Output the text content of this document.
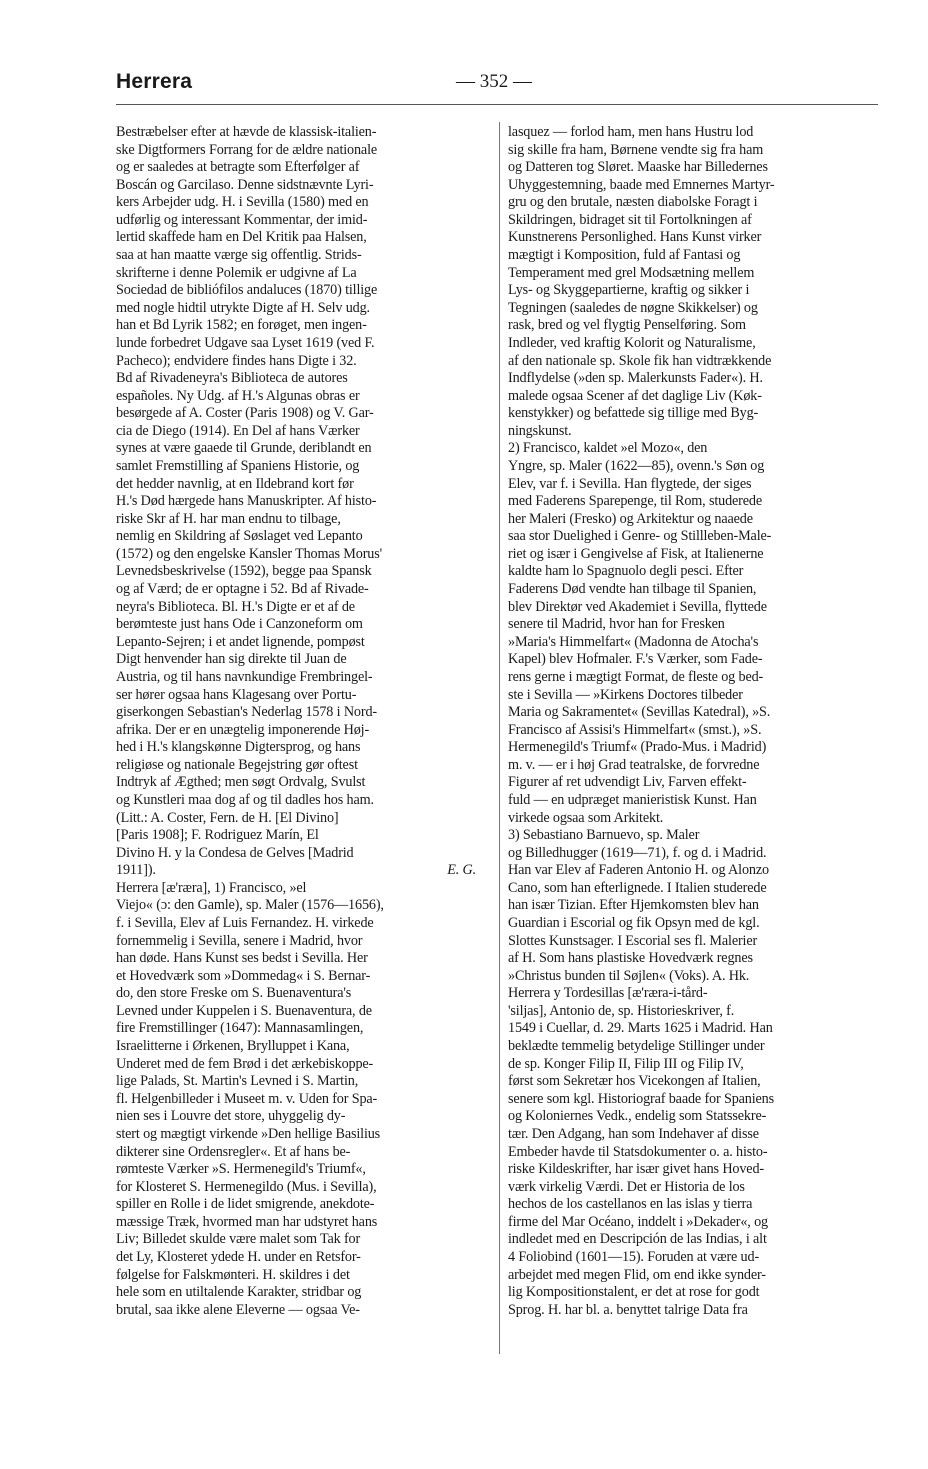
Herrera	— 352 —
Bestræbelser efter at hævde de klassisk-italien-
ske Digtformers Forrang for de ældre nationale
og er saaledes at betragte som Efterfølger af
Boscán og Garcilaso. Denne sidstnævnte Lyri-
kers Arbejder udg. H. i Sevilla (1580) med en
udførlig og interessant Kommentar, der imid-
lertid skaffede ham en Del Kritik paa Halsen,
saa at han maatte værge sig offentlig. Strids-
skrifterne i denne Polemik er udgivne af La
Sociedad de bibliófilos andaluces (1870) tillige
med nogle hidtil utrykte Digte af H. Selv udg.
han et Bd Lyrik 1582; en forøget, men ingen-
lunde forbedret Udgave saa Lyset 1619 (ved F.
Pacheco); endvidere findes hans Digte i 32.
Bd af Rivadeneyra's Biblioteca de autores
españoles. Ny Udg. af H.'s Algunas obras er
besørgede af A. Coster (Paris 1908) og V. Gar-
cia de Diego (1914). En Del af hans Værker
synes at være gaaede til Grunde, deriblandt en
samlet Fremstilling af Spaniens Historie, og
det hedder navnlig, at en Ildebrand kort før
H.'s Død hærgede hans Manuskripter. Af histo-
riske Skr af H. har man endnu to tilbage,
nemlig en Skildring af Søslaget ved Lepanto
(1572) og den engelske Kansler Thomas Morus'
Levnedsbeskrivelse (1592), begge paa Spansk
og af Værd; de er optagne i 52. Bd af Rivade-
neyra's Biblioteca. Bl. H.'s Digte er et af de
berømteste just hans Ode i Canzoneform om
Lepanto-Sejren; i et andet lignende, pompøst
Digt henvender han sig direkte til Juan de
Austria, og til hans navnkundige Frembringel-
ser hører ogsaa hans Klagesang over Portu-
giserkongen Sebastian's Nederlag 1578 i Nord-
afrika. Der er en unægtelig imponerende Høj-
hed i H.'s klangskønne Digtersprog, og hans
religiøse og nationale Begejstring gør oftest
Indtryk af Ægthed; men søgt Ordvalg, Svulst
og Kunstleri maa dog af og til dadles hos ham.
(Litt.: A. Coster, Fern. de H. [El Divino]
[Paris 1908]; F. Rodriguez Marín, El
Divino H. y la Condesa de Gelves [Madrid
1911]).	E. G.
Herrera [æ'ræra], 1) Francisco, »el
Viejo« (ɔ: den Gamle), sp. Maler (1576—1656),
f. i Sevilla, Elev af Luis Fernandez. H. virkede
fornemmelig i Sevilla, senere i Madrid, hvor
han døde. Hans Kunst ses bedst i Sevilla. Her
et Hovedværk som »Dommedag« i S. Bernar-
do, den store Freske om S. Buenaventura's
Levned under Kuppelen i S. Buenaventura, de
fire Fremstillinger (1647): Mannasamlingen,
Israelitterne i Ørkenen, Brylluppet i Kana,
Underet med de fem Brød i det ærkebiskoppe-
lige Palads, St. Martin's Levned i S. Martin,
fl. Helgenbilleder i Museet m. v. Uden for Spa-
nien ses i Louvre det store, uhyggelig dy-
stert og mægtigt virkende »Den hellige Basilius
dikterer sine Ordensregler«. Et af hans be-
rømteste Værker »S. Hermenegild's Triumf«,
for Klosteret S. Hermenegildo (Mus. i Sevilla),
spiller en Rolle i de lidet smigrende, anekdote-
mæssige Træk, hvormed man har udstyret hans
Liv; Billedet skulde være malet som Tak for
det Ly, Klosteret ydede H. under en Retsfor-
følgelse for Falskmønteri. H. skildres i det
hele som en utiltalende Karakter, stridbar og
brutal, saa ikke alene Eleverne — ogsaa Ve-
lasquez — forlod ham, men hans Hustru lod
sig skille fra ham, Børnene vendte sig fra ham
og Datteren tog Sløret. Maaske har Billedernes
Uhyggestemning, baade med Emnernes Martyr-
gru og den brutale, næsten diabolske Foragt i
Skildringen, bidraget sit til Fortolkningen af
Kunstnerens Personlighed. Hans Kunst virker
mægtigt i Komposition, fuld af Fantasi og
Temperament med grel Modsætning mellem
Lys- og Skyggepartierne, kraftig og sikker i
Tegningen (saaledes de nøgne Skikkelser) og
rask, bred og vel flygtig Penselføring. Som
Indleder, ved kraftig Kolorit og Naturalisme,
af den nationale sp. Skole fik han vidtrækkende
Indflydelse (»den sp. Malerkunsts Fader«). H.
malede ogsaa Scener af det daglige Liv (Køk-
kenstykker) og befattede sig tillige med Byg-
ningskunst.
2) Francisco, kaldet »el Mozo«, den
Yngre, sp. Maler (1622—85), ovenn.'s Søn og
Elev, var f. i Sevilla. Han flygtede, der siges
med Faderens Sparepenge, til Rom, studerede
her Maleri (Fresko) og Arkitektur og naaede
saa stor Duelighed i Genre- og Stillleben-Male-
riet og især i Gengivelse af Fisk, at Italienerne
kaldte ham lo Spagnuolo degli pesci. Efter
Faderens Død vendte han tilbage til Spanien,
blev Direktør ved Akademiet i Sevilla, flyttede
senere til Madrid, hvor han for Fresken
»Maria's Himmelfart« (Madonna de Atocha's
Kapel) blev Hofmaler. F.'s Værker, som Fade-
rens gerne i mægtigt Format, de fleste og bed-
ste i Sevilla — »Kirkens Doctores tilbeder
Maria og Sakramentet« (Sevillas Katedral), »S.
Francisco af Assisi's Himmelfart« (smst.), »S.
Hermenegild's Triumf« (Prado-Mus. i Madrid)
m. v. — er i høj Grad teatralske, de forvredne
Figurer af ret udvendigt Liv, Farven effekt-
fuld — en udpræget manieristisk Kunst. Han
virkede ogsaa som Arkitekt.
3) Sebastiano Barnuevo, sp. Maler
og Billedhugger (1619—71), f. og d. i Madrid.
Han var Elev af Faderen Antonio H. og Alonzo
Cano, som han efterlignede. I Italien studerede
han især Tizian. Efter Hjemkomsten blev han
Guardian i Escorial og fik Opsyn med de kgl.
Slottes Kunstsager. I Escorial ses fl. Malerier
af H. Som hans plastiske Hovedværk regnes
»Christus bunden til Søjlen« (Voks). A. Hk.
Herrera y Tordesillas [æ'ræra-i-tård-
'siljas], Antonio de, sp. Historieskriver, f.
1549 i Cuellar, d. 29. Marts 1625 i Madrid. Han
beklædte temmelig betydelige Stillinger under
de sp. Konger Filip II, Filip III og Filip IV,
først som Sekretær hos Vicekongen af Italien,
senere som kgl. Historiograf baade for Spaniens
og Koloniernes Vedk., endelig som Statssekre-
tær. Den Adgang, han som Indehaver af disse
Embeder havde til Statsdokumenter o. a. histo-
riske Kildeskrifter, har især givet hans Hoved-
værk virkelig Værdi. Det er Historia de los
hechos de los castellanos en las islas y tierra
firme del Mar Océano, inddelt i »Dekader«, og
indledet med en Descripción de las Indias, i alt
4 Foliobind (1601—15). Foruden at være ud-
arbejdet med megen Flid, om end ikke synder-
lig Kompositionstalent, er det at rose for godt
Sprog. H. har bl. a. benyttet talrige Data fra
